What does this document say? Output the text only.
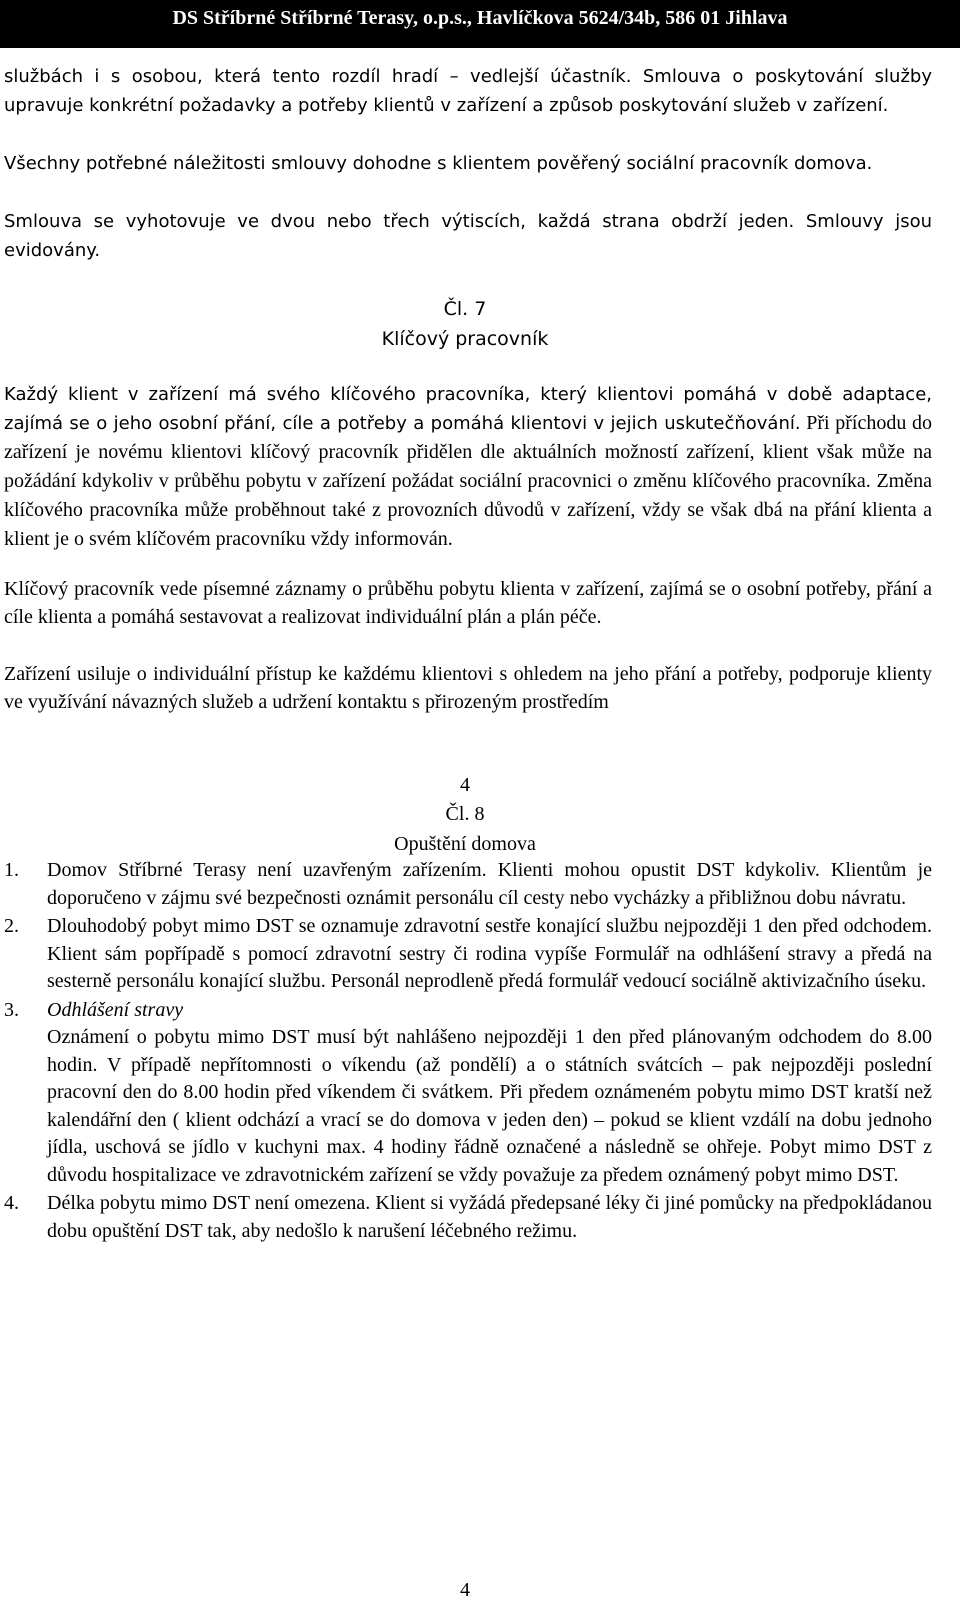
DS Stříbrné Stříbrné Terasy, o.p.s., Havlíčkova 5624/34b, 586 01 Jihlava

službách i s osobou, která tento rozdíl hradí – vedlejší účastník. Smlouva o poskytování služby upravuje konkrétní požadavky a potřeby klientů v zařízení a způsob poskytování služeb v zařízení.

Všechny potřebné náležitosti smlouvy dohodne s klientem pověřený sociální pracovník domova.

Smlouva se vyhotovuje ve dvou nebo třech výtiscích, každá strana obdrží jeden. Smlouvy jsou evidovány.

Čl. 7

Klíčový pracovník

Každý klient v zařízení má svého klíčového pracovníka, který klientovi pomáhá v době adaptace, zajímá se o jeho osobní přání, cíle a potřeby a pomáhá klientovi v jejich uskutečňování. Při příchodu do zařízení je novému klientovi klíčový pracovník přidělen dle aktuálních možností zařízení, klient však může na požádání kdykoliv v průběhu pobytu v zařízení požádat sociální pracovnici o změnu klíčového pracovníka. Změna klíčového pracovníka může proběhnout také z provozních důvodů v zařízení, vždy se však dbá na přání klienta a klient je o svém klíčovém pracovníku vždy informován.

Klíčový pracovník vede písemné záznamy o průběhu pobytu klienta v zařízení, zajímá se o osobní potřeby, přání a cíle klienta a pomáhá sestavovat a realizovat individuální plán a plán péče.

Zařízení usiluje o individuální přístup ke každému klientovi s ohledem na jeho přání a potřeby, podporuje klienty ve využívání návazných služeb a udržení kontaktu s přirozeným prostředím

4

Čl. 8

Opuštění domova

1.	Domov Stříbrné Terasy není uzavřeným zařízením. Klienti mohou opustit DST kdykoliv. Klientům je doporučeno v zájmu své bezpečnosti oznámit personálu cíl cesty nebo vycházky a přibližnou dobu návratu.
2.	Dlouhodobý pobyt mimo DST se oznamuje zdravotní sestře konající službu nejpozději 1 den před odchodem. Klient sám popřípadě s pomocí zdravotní sestry či rodina vypíše Formulář na odhlášení stravy a předá na sesterně personálu konající službu. Personál neprodleně předá formulář vedoucí sociálně aktivizačního úseku.
3.	Odhlášení stravy
Oznámení o pobytu mimo DST musí být nahlášeno nejpozději 1 den před plánovaným odchodem do 8.00 hodin. V případě nepřítomnosti o víkendu (až pondělí) a o státních svátcích – pak nejpozději poslední pracovní den do 8.00 hodin před víkendem či svátkem. Při předem oznámeném pobytu mimo DST kratší než kalendářní den ( klient odchází a vrací se do domova v jeden den) – pokud se klient vzdálí na dobu jednoho jídla, uschová se jídlo v kuchyni max. 4 hodiny řádně označené a následně se ohřeje. Pobyt mimo DST z důvodu hospitalizace ve zdravotnickém zařízení se vždy považuje za předem oznámený pobyt mimo DST.
4.	Délka pobytu mimo DST není omezena. Klient si vyžádá předepsané léky či jiné pomůcky na předpokládanou dobu opuštění DST tak, aby nedošlo k narušení léčebného režimu.

4
